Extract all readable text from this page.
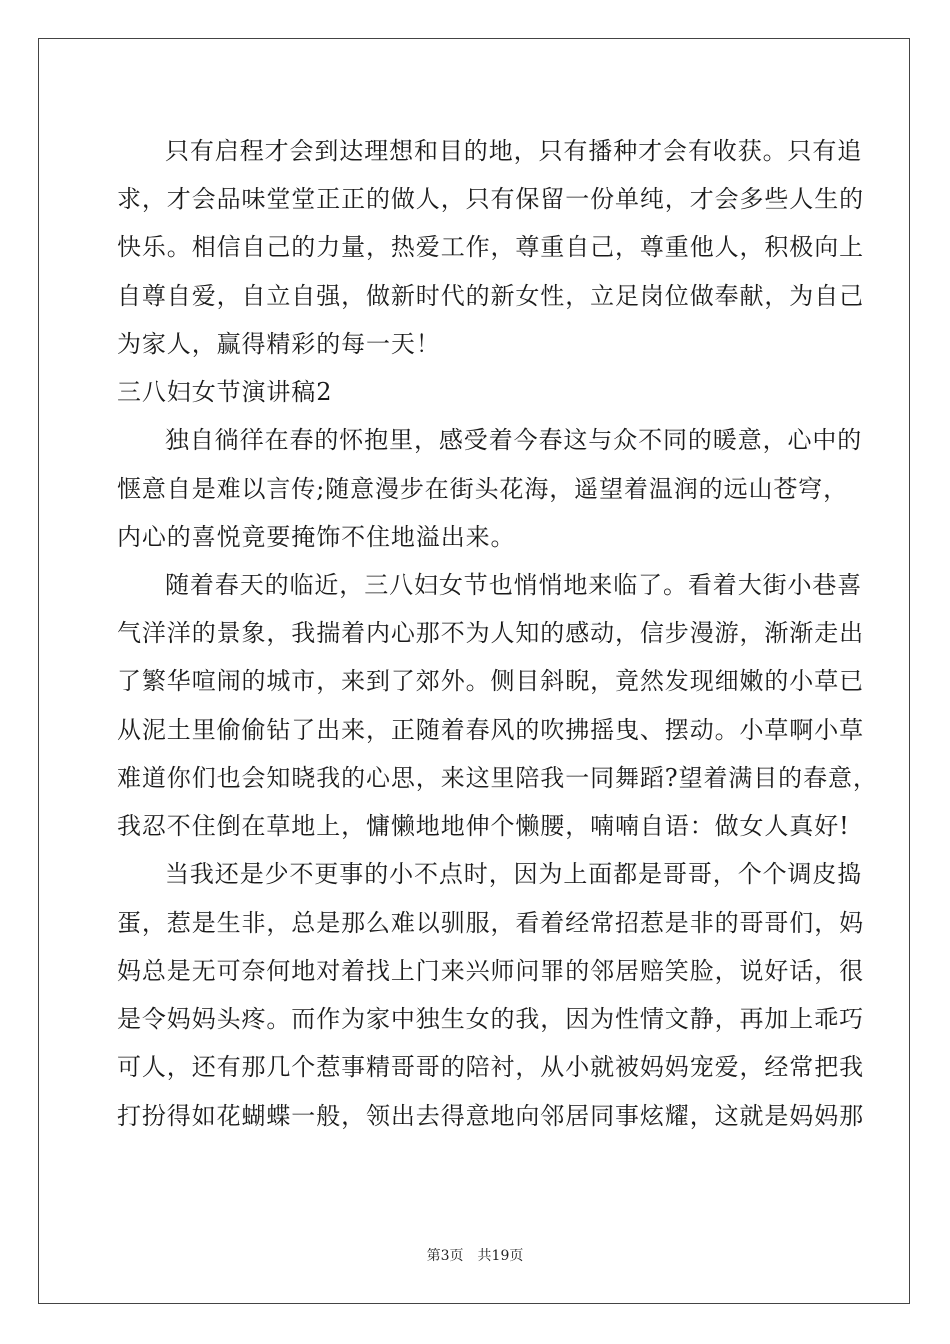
只有启程才会到达理想和目的地，只有播种才会有收获。只有追
求，才会品味堂堂正正的做人，只有保留一份单纯，才会多些人生的
快乐。相信自己的力量，热爱工作，尊重自己，尊重他人，积极向上
自尊自爱，自立自强，做新时代的新女性，立足岗位做奉献，为自己
为家人，赢得精彩的每一天！
三八妇女节演讲稿2
独自徜徉在春的怀抱里，感受着今春这与众不同的暖意，心中的
惬意自是难以言传;随意漫步在街头花海，遥望着温润的远山苍穹，
内心的喜悦竟要掩饰不住地溢出来。
随着春天的临近，三八妇女节也悄悄地来临了。看着大街小巷喜
气洋洋的景象，我揣着内心那不为人知的感动，信步漫游，渐渐走出
了繁华喧闹的城市，来到了郊外。侧目斜睨，竟然发现细嫩的小草已
从泥土里偷偷钻了出来，正随着春风的吹拂摇曳、摆动。小草啊小草
难道你们也会知晓我的心思，来这里陪我一同舞蹈?望着满目的春意，
我忍不住倒在草地上，慵懒地地伸个懒腰，喃喃自语：做女人真好!
当我还是少不更事的小不点时，因为上面都是哥哥，个个调皮捣
蛋，惹是生非，总是那么难以驯服，看着经常招惹是非的哥哥们，妈
妈总是无可奈何地对着找上门来兴师问罪的邻居赔笑脸，说好话，很
是令妈妈头疼。而作为家中独生女的我，因为性情文静，再加上乖巧
可人，还有那几个惹事精哥哥的陪衬，从小就被妈妈宠爱，经常把我
打扮得如花蝴蝶一般，领出去得意地向邻居同事炫耀，这就是妈妈那
第3页　共19页
